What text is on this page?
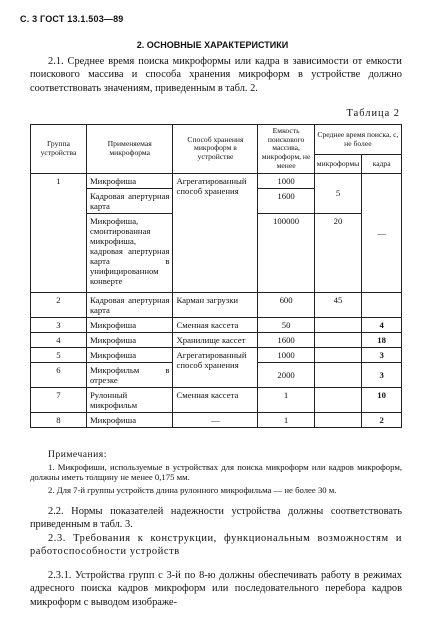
С. 3 ГОСТ 13.1.503—89
2. ОСНОВНЫЕ ХАРАКТЕРИСТИКИ
2.1. Среднее время поиска микроформы или кадра в зависимости от емкости поискового массива и способа хранения микроформ в устройстве должно соответствовать значениям, приведенным в табл. 2.
Таблица 2
Группа устройства	Применяемая микроформа	Способ хранения микроформ в устройстве	Емкость поискового массива, микроформ, не менее	Среднее время поиска, с, не более	
				микроформы	кадра
1	Микрофиша	Агрегатированный способ хранения	1000	5	—
	Кадровая апертурная карта		1600		
	Микрофиша, смонтированная микрофиша, кадровая апертурная карта в унифицированном конверте		100000	20	
2	Кадровая апертурная карта	Карман загрузки	600	45	
3	Микрофиша	Сменная кассета	50		4
4	Микрофиша	Хранилище кассет	1600		18
5	Микрофиша	Агрегатированный способ хранения	1000		3
6	Микрофильм в отрезке		2000		3
7	Рулонный микрофильм	Сменная кассета	1		10
8	Микрофиша	—	1		2
Примечания:
1. Микрофиши, используемые в устройствах для поиска микроформ или кадров микроформ, должны иметь толщину не менее 0,175 мм.
2. Для 7-й группы устройств длина рулонного микрофильма — не более 30 м.
2.2. Нормы показателей надежности устройства должны соответствовать приведенным в табл. 3.
2.3. Требования к конструкции, функциональным возможностям и работоспособности устройств
2.3.1. Устройства групп с 3-й по 8-ю должны обеспечивать работу в режимах адресного поиска кадров микроформ или последовательного перебора кадров микроформ с выводом изображе-
